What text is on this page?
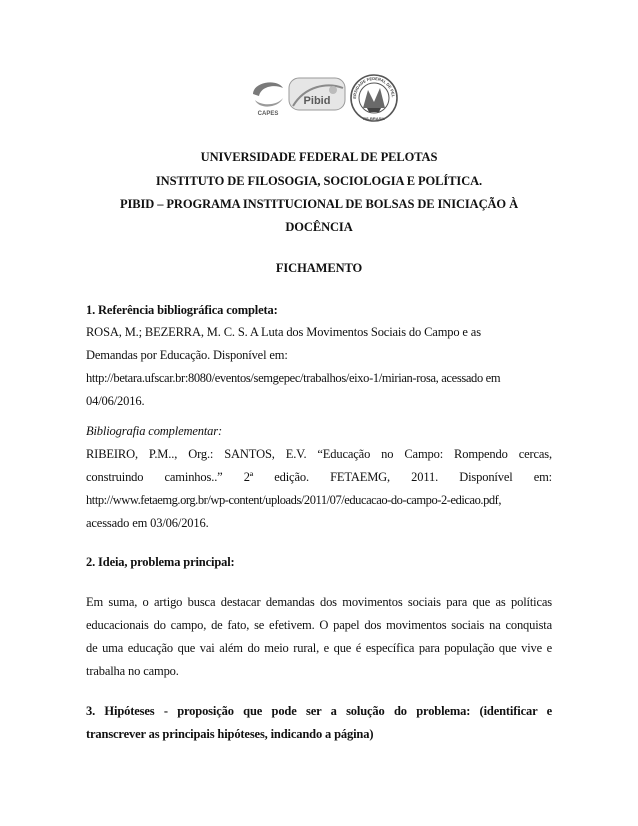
CAPES
Pibid	ERSIDADE FEDERAL DE PEL
RS-BRASIL
UNIVERSIDADE FEDERAL DE PELOTAS
INSTITUTO DE FILOSOGIA, SOCIOLOGIA E POLÍTICA.
PIBID – PROGRAMA INSTITUCIONAL DE BOLSAS DE INICIAÇÃO À
DOCÊNCIA
FICHAMENTO
1. Referência bibliográfica completa:
ROSA, M.; BEZERRA, M. C. S. A Luta dos Movimentos Sociais do Campo e as
Demandas por Educação. Disponível em:
http://betara.ufscar.br:8080/eventos/semgepec/trabalhos/eixo-1/mirian-rosa, acessado em
04/06/2016.
Bibliografia complementar:
RIBEIRO, P.M.., Org.: SANTOS, E.V. “Educação no Campo: Rompendo cercas,
construindo caminhos..” 2ª edição. FETAEMG, 2011. Disponível em:
http://www.fetaemg.org.br/wp-content/uploads/2011/07/educacao-do-campo-2-edicao.pdf,
acessado em 03/06/2016.
2. Ideia, problema principal:
Em suma, o artigo busca destacar demandas dos movimentos sociais para que as políticas
educacionais do campo, de fato, se efetivem. O papel dos movimentos sociais na conquista
de uma educação que vai além do meio rural, e que é específica para população que vive e
trabalha no campo.
3. Hipóteses - proposição que pode ser a solução do problema: (identificar e
transcrever as principais hipóteses, indicando a página)
